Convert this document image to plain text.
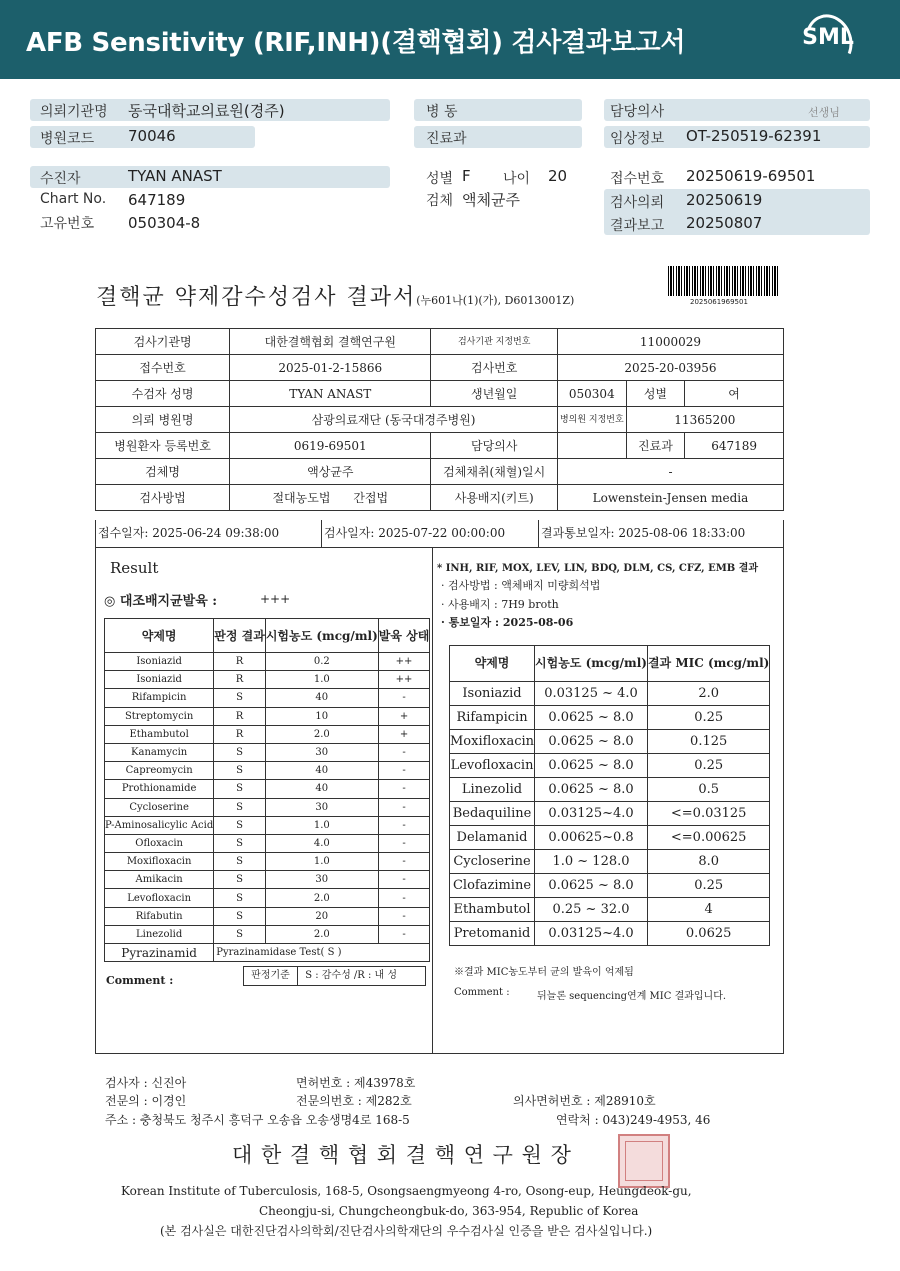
AFB Sensitivity (RIF,INH)(결핵협회) 검사결과보고서	SML
의뢰기관명 동국대학교의료원(경주)
병원코드 70046
병 동
진료과
담당의사	선생님
임상정보 OT-250519-62391
수진자	TYAN ANAST
Chart No. 647189
고유번호 050304-8
성별 F 나이 20
검체 액체균주
접수번호 20250619-69501
검사의뢰 20250619
결과보고 20250807
결핵균 약제감수성검사 결과서(누601나(1)(가), D6013001Z)	2025061969501
검사기관명	대한결핵협회 결핵연구원	검사기관 지정번호	11000029		
접수번호	2025-01-2-15866	검사번호	2025-20-03956		
수검자 성명	TYAN ANAST	생년월일	050304	성별	여
의뢰 병원명	삼광의료재단 (동국대경주병원)		병의원 지정번호	11365200	
병원환자 등록번호	0619-69501	담당의사		진료과	647189
검체명	액상균주	검체채취(채혈)일시	-		
검사방법	절대농도법 간접법	사용배지(키트)	Lowenstein-Jensen media		
접수일자: 2025-06-24 09:38:00	검사일자: 2025-07-22 00:00:00	결과통보일자: 2025-08-06 18:33:00
Result
◎ 대조배지균발육 :	+++
약제명	판정 결과	시험농도 (mcg/ml)	발육 상태
Isoniazid	R	0.2	++
Isoniazid	R	1.0	++
Rifampicin	S	40	-
Streptomycin	R	10	+
Ethambutol	R	2.0	+
Kanamycin	S	30	-
Capreomycin	S	40	-
Prothionamide	S	40	-
Cycloserine	S	30	-
P-Aminosalicylic Acid	S	1.0	-
Ofloxacin	S	4.0	-
Moxifloxacin	S	1.0	-
Amikacin	S	30	-
Levofloxacin	S	2.0	-
Rifabutin	S	20	-
Linezolid	S	2.0	-
Pyrazinamid	Pyrazinamidase Test( S )		
판정기준 S : 감수성 /R : 내 성
Comment :
* INH, RIF, MOX, LEV, LIN, BDQ, DLM, CS, CFZ, EMB 결과
· 검사방법 : 액체배지 미량희석법
· 사용배지 : 7H9 broth
· 통보일자 : 2025-08-06
약제명	시험농도 (mcg/ml)	결과 MIC (mcg/ml)
Isoniazid	0.03125 ~ 4.0	2.0
Rifampicin	0.0625 ~ 8.0	0.25
Moxifloxacin	0.0625 ~ 8.0	0.125
Levofloxacin	0.0625 ~ 8.0	0.25
Linezolid	0.0625 ~ 8.0	0.5
Bedaquiline	0.03125~4.0	<=0.03125
Delamanid	0.00625~0.8	<=0.00625
Cycloserine	1.0 ~ 128.0	8.0
Clofazimine	0.0625 ~ 8.0	0.25
Ethambutol	0.25 ~ 32.0	4
Pretomanid	0.03125~4.0	0.0625
※결과 MIC농도부터 균의 발육이 억제됨
Comment :	뒤늘론 sequencing연계 MIC 결과입니다.
검사자 : 신진아	면허번호 : 제43978호
전문의 : 이경인	전문의번호 : 제282호	의사면허번호 : 제28910호
주소 : 충청북도 청주시 흥덕구 오송읍 오송생명4로 168-5	연락처 : 043)249-4953, 46
대 한 결 핵 협 회 결 핵 연 구 원 장
Korean Institute of Tuberculosis, 168-5, Osongsaengmyeong 4-ro, Osong-eup, Heungdeok-gu,
Cheongju-si, Chungcheongbuk-do, 363-954, Republic of Korea
(본 검사실은 대한진단검사의학회/진단검사의학재단의 우수검사실 인증을 받은 검사실입니다.)
